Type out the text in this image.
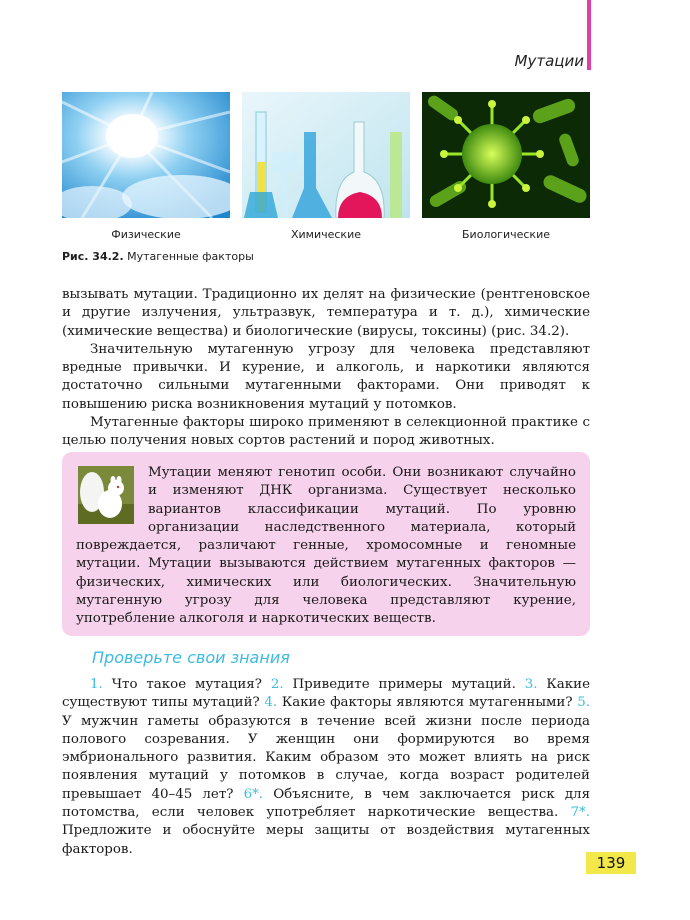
Мутации
Физические	Химические	Биологические
Рис. 34.2. Мутагенные факторы

вызывать мутации. Традиционно их делят на физические (рентгеновское и другие излучения, ультразвук, температура и т. д.), химические (химические вещества) и биологические (вирусы, токсины) (рис. 34.2).

Значительную мутагенную угрозу для человека представляют вредные привычки. И курение, и алкоголь, и наркотики являются достаточно сильными мутагенными факторами. Они приводят к повышению риска возникновения мутаций у потомков.

Мутагенные факторы широко применяют в селекционной практике с целью получения новых сортов растений и пород животных.

Мутации меняют генотип особи. Они возникают случайно и изменяют ДНК организма. Существует несколько вариантов классификации мутаций. По уровню организации наследственного материала, который повреждается, различают генные, хромосомные и геномные мутации. Мутации вызываются действием мутагенных факторов — физических, химических или биологических. Значительную мутагенную угрозу для человека представляют курение, употребление алкоголя и наркотических веществ.
Проверьте свои знания

1. Что такое мутация? 2. Приведите примеры мутаций. 3. Какие существуют типы мутаций? 4. Какие факторы являются мутагенными? 5. У мужчин гаметы образуются в течение всей жизни после периода полового созревания. У женщин они формируются во время эмбрионального развития. Каким образом это может влиять на риск появления мутаций у потомков в случае, когда возраст родителей превышает 40–45 лет? 6*. Объясните, в чем заключается риск для потомства, если человек употребляет наркотические вещества. 7*. Предложите и обоснуйте меры защиты от воздействия мутагенных факторов.

139
